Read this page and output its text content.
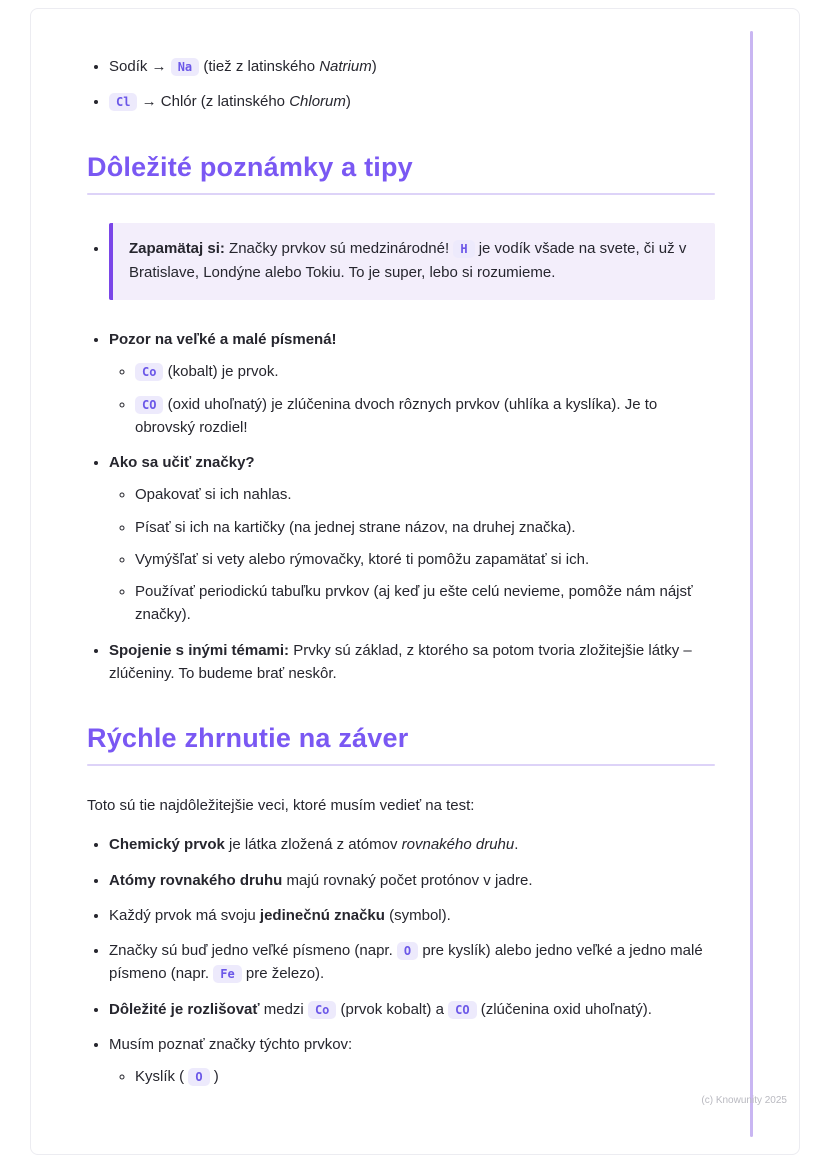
• Sodík → Na (tiež z latinského Natrium)
• Cl → Chlór (z latinského Chlorum)
Dôležité poznámky a tipy
• Zapamätaj si: Značky prvkov sú medzinárodné! H je vodík všade na svete, či už v Bratislave, Londýne alebo Tokiu. To je super, lebo si rozumieme.
• Pozor na veľké a malé písmená!
◦ Co (kobalt) je prvok.
◦ CO (oxid uhoľnatý) je zlúčenina dvoch rôznych prvkov (uhlíka a kyslíka). Je to obrovský rozdiel!
• Ako sa učiť značky?
◦ Opakovať si ich nahlas.
◦ Písať si ich na kartičky (na jednej strane názov, na druhej značka).
◦ Vymýšľať si vety alebo rýmovačky, ktoré ti pomôžu zapamätať si ich.
◦ Používať periodickú tabuľku prvkov (aj keď ju ešte celú nevieme, pomôže nám nájsť značky).
• Spojenie s inými témami: Prvky sú základ, z ktorého sa potom tvoria zložitejšie látky – zlúčeniny. To budeme brať neskôr.
Rýchle zhrnutie na záver

Toto sú tie najdôležitejšie veci, ktoré musím vedieť na test:

• Chemický prvok je látka zložená z atómov rovnakého druhu.
• Atómy rovnakého druhu majú rovnaký počet protónov v jadre.
• Každý prvok má svoju jedinečnú značku (symbol).
• Značky sú buď jedno veľké písmeno (napr. O pre kyslík) alebo jedno veľké a jedno malé písmeno (napr. Fe pre železo).
• Dôležité je rozlišovať medzi Co (prvok kobalt) a CO (zlúčenina oxid uhoľnatý).
• Musím poznať značky týchto prvkov:
◦ Kyslík ( O )
(c) Knowunity 2025
